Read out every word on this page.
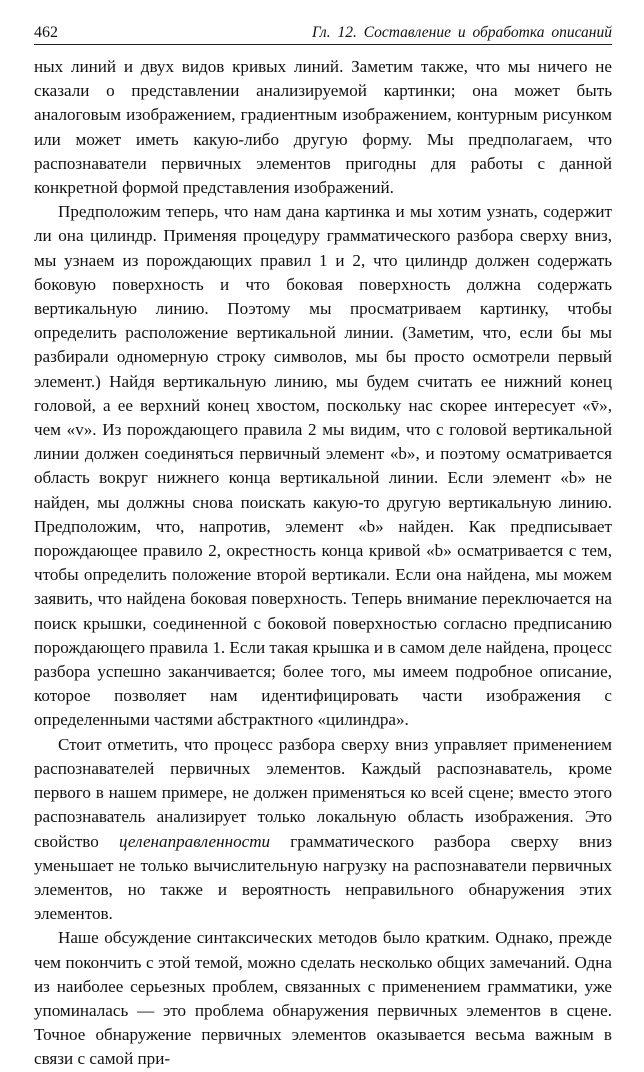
462	Гл. 12. Составление и обработка описаний

ных линий и двух видов кривых линий. Заметим также, что мы ничего не сказали о представлении анализируемой картинки; она может быть аналоговым изображением, градиентным изображением, контурным рисунком или может иметь какую-либо другую форму. Мы предполагаем, что распознаватели первичных элементов пригодны для работы с данной конкретной формой представления изображений.

Предположим теперь, что нам дана картинка и мы хотим узнать, содержит ли она цилиндр. Применяя процедуру грамматического разбора сверху вниз, мы узнаем из порождающих правил 1 и 2, что цилиндр должен содержать боковую поверхность и что боковая поверхность должна содержать вертикальную линию. Поэтому мы просматриваем картинку, чтобы определить расположение вертикальной линии. (Заметим, что, если бы мы разбирали одномерную строку символов, мы бы просто осмотрели первый элемент.) Найдя вертикальную линию, мы будем считать ее нижний конец головой, а ее верхний конец хвостом, поскольку нас скорее интересует «v̄», чем «v». Из порождающего правила 2 мы видим, что с головой вертикальной линии должен соединяться первичный элемент «b», и поэтому осматривается область вокруг нижнего конца вертикальной линии. Если элемент «b» не найден, мы должны снова поискать какую-то другую вертикальную линию. Предположим, что, напротив, элемент «b» найден. Как предписывает порождающее правило 2, окрестность конца кривой «b» осматривается с тем, чтобы определить положение второй вертикали. Если она найдена, мы можем заявить, что найдена боковая поверхность. Теперь внимание переключается на поиск крышки, соединенной с боковой поверхностью согласно предписанию порождающего правила 1. Если такая крышка и в самом деле найдена, процесс разбора успешно заканчивается; более того, мы имеем подробное описание, которое позволяет нам идентифицировать части изображения с определенными частями абстрактного «цилиндра».

Стоит отметить, что процесс разбора сверху вниз управляет применением распознавателей первичных элементов. Каждый распознаватель, кроме первого в нашем примере, не должен применяться ко всей сцене; вместо этого распознаватель анализирует только локальную область изображения. Это свойство целенаправленности грамматического разбора сверху вниз уменьшает не только вычислительную нагрузку на распознаватели первичных элементов, но также и вероятность неправильного обнаружения этих элементов.

Наше обсуждение синтаксических методов было кратким. Однако, прежде чем покончить с этой темой, можно сделать несколько общих замечаний. Одна из наиболее серьезных проблем, связанных с применением грамматики, уже упоминалась — это проблема обнаружения первичных элементов в сцене. Точное обнаружение первичных элементов оказывается весьма важным в связи с самой при-
